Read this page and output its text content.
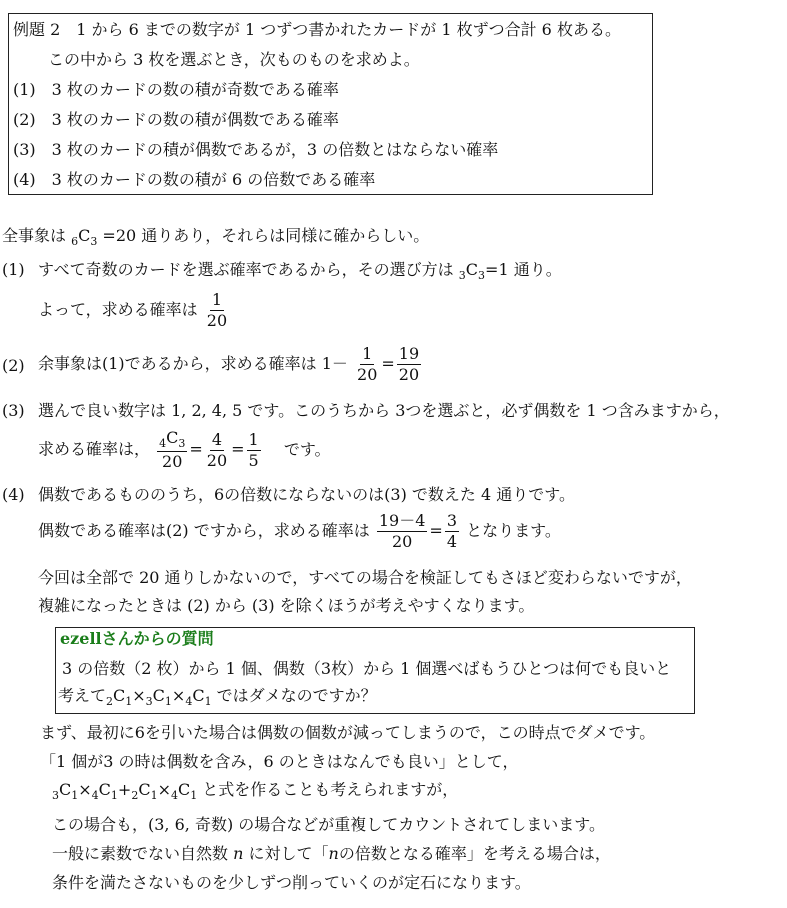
例題 2　1 から 6 までの数字が 1 つずつ書かれたカードが 1 枚ずつ合計 6 枚ある。
この中から 3 枚を選ぶとき，次ものものを求めよ。
(1)　3 枚のカードの数の積が奇数である確率
(2)　3 枚のカードの数の積が偶数である確率
(3)　3 枚のカードの積が偶数であるが，3 の倍数とはならない確率
(4)　3 枚のカードの数の積が 6 の倍数である確率
全事象は $_6C_3 =20$ 通りあり，それらは同様に確からしい。
(1) すべて奇数のカードを選ぶ確率であるから，その選び方は $_3C_3=1$ 通り。
よって，求める確率は $\frac{1}{20}$
(2) 余事象は(1)であるから，求める確率は $1- \frac{1}{20} = \frac{19}{20}$
(3) 選んで良い数字は 1, 2, 4, 5 です。このうちから 3つを選ぶと，必ず偶数を 1 つ含みますから，
求める確率は， $\frac{_4C_3}{20} = \frac{4}{20} = \frac{1}{5}$ です。
(4) 偶数であるもののうち，6の倍数にならないのは(3) で数えた 4 通りです。
偶数である確率は(2) ですから，求める確率は $\frac{19-4}{20} = \frac{3}{4}$ となります。
今回は全部で 20 通りしかないので，すべての場合を検証してもさほど変わらないですが，
複雑になったときは (2) から (3) を除くほうが考えやすくなります。
ezellさんからの質問
3 の倍数（2 枚）から 1 個、偶数（3枚）から 1 個選べばもうひとつは何でも良いと
考えて$_2C_1\times_3C_1\times_4C_1$ ではダメなのですか？
まず、最初に6を引いた場合は偶数の個数が減ってしまうので，この時点でダメです。
「1 個が3 の時は偶数を含み，6 のときはなんでも良い」として，
$_3C_1\times_4C_1+_2C_1\times_4C_1$ と式を作ることも考えられますが，
この場合も，(3, 6, 奇数) の場合などが重複してカウントされてしまいます。
一般に素数でない自然数 n に対して「nの倍数となる確率」を考える場合は，
条件を満たさないものを少しずつ削っていくのが定石になります。
